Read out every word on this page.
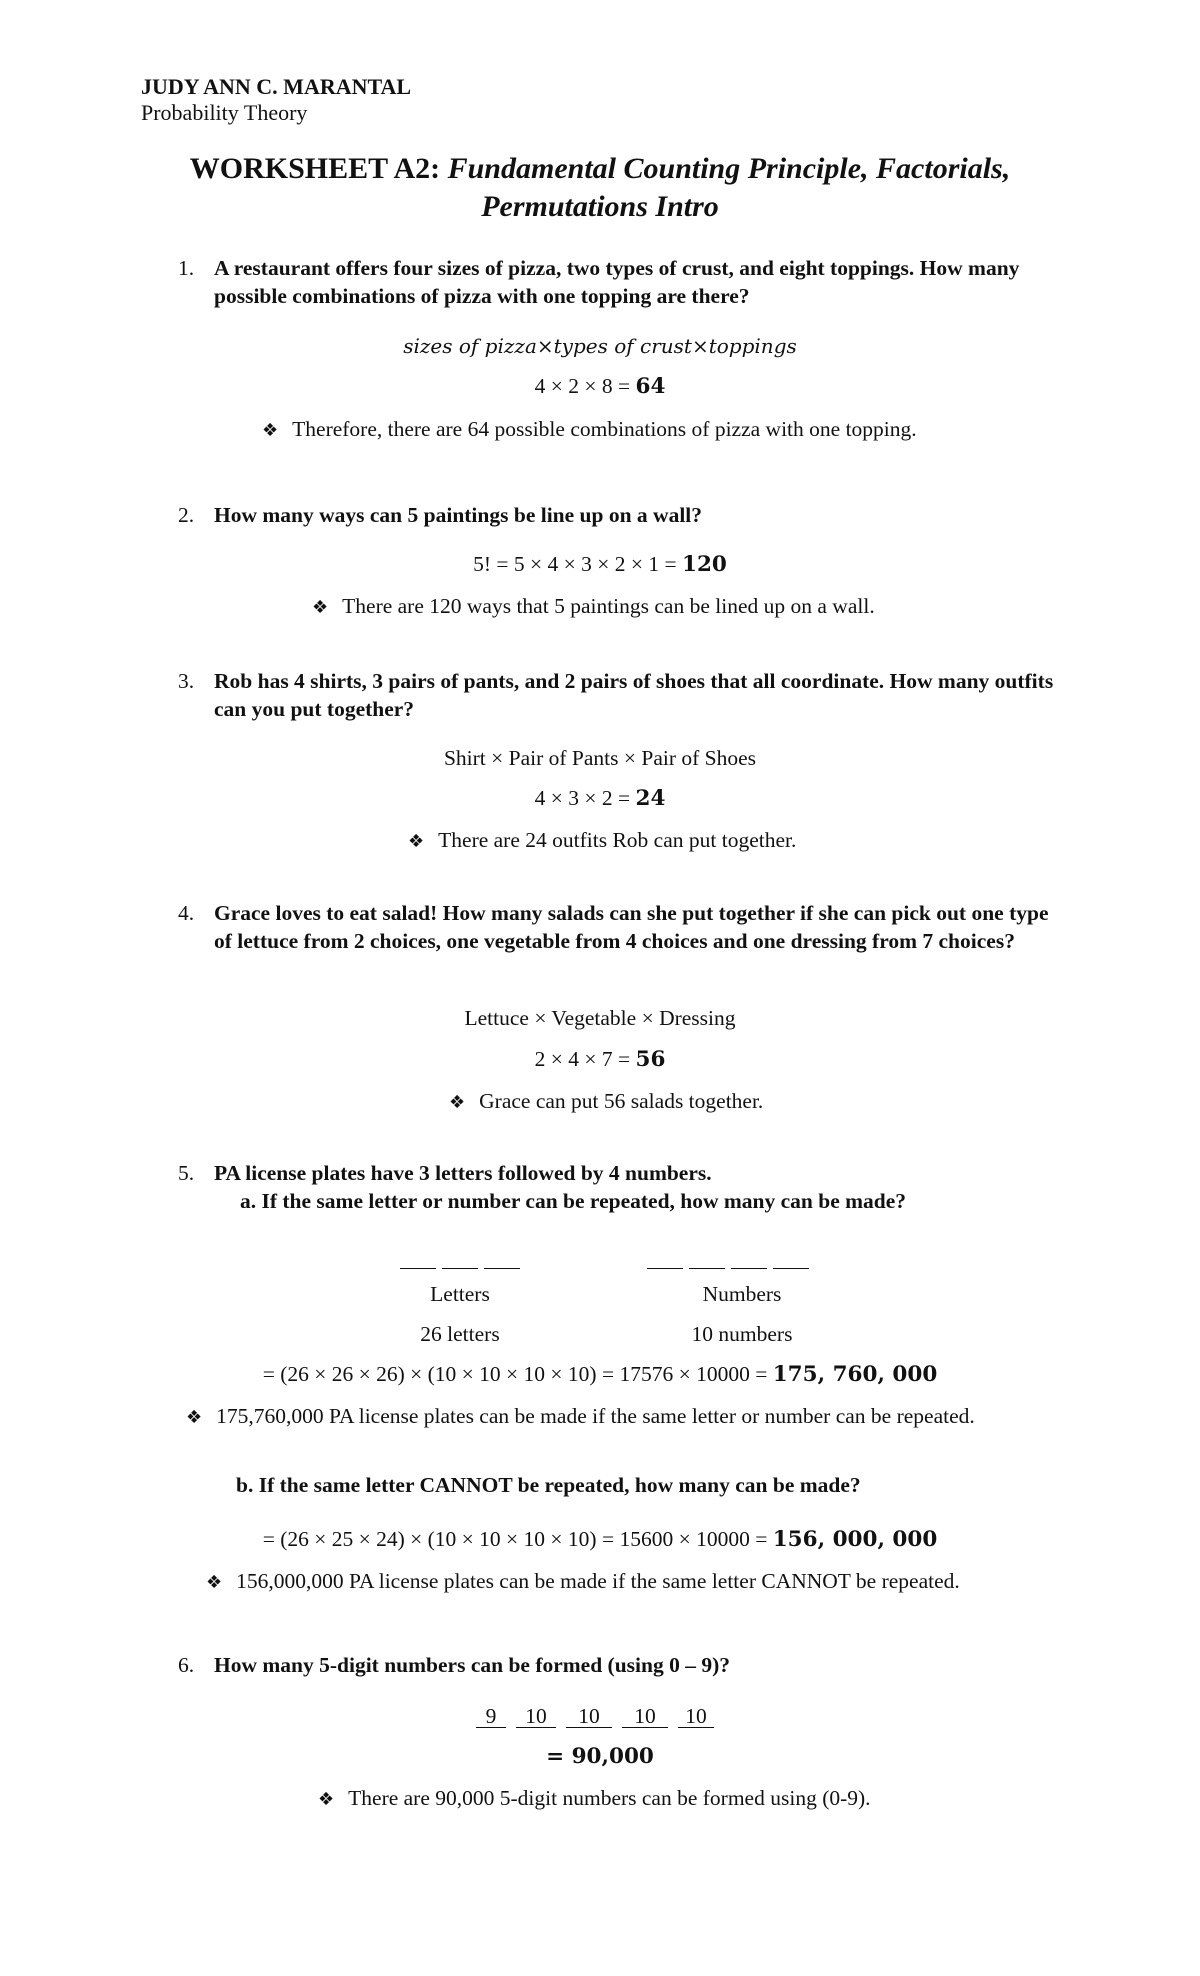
JUDY ANN C. MARANTAL
Probability Theory
WORKSHEET A2: Fundamental Counting Principle, Factorials,
Permutations Intro
1. A restaurant offers four sizes of pizza, two types of crust, and eight toppings. How many possible combinations of pizza with one topping are there?
sizes of pizza×types of crust×toppings
4 × 2 × 8 = 64
❖ Therefore, there are 64 possible combinations of pizza with one topping.
2. How many ways can 5 paintings be line up on a wall?
5! = 5 × 4 × 3 × 2 × 1 = 120
❖ There are 120 ways that 5 paintings can be lined up on a wall.
3. Rob has 4 shirts, 3 pairs of pants, and 2 pairs of shoes that all coordinate. How many outfits can you put together?
Shirt × Pair of Pants × Pair of Shoes
4 × 3 × 2 = 24
❖ There are 24 outfits Rob can put together.
4. Grace loves to eat salad! How many salads can she put together if she can pick out one type of lettuce from 2 choices, one vegetable from 4 choices and one dressing from 7 choices?
Lettuce × Vegetable × Dressing
2 × 4 × 7 = 56
❖ Grace can put 56 salads together.
5. PA license plates have 3 letters followed by 4 numbers.
a. If the same letter or number can be repeated, how many can be made?
Letters	Numbers
26 letters	10 numbers
= (26 × 26 × 26) × (10 × 10 × 10 × 10) = 17576 × 10000 = 175, 760, 000
❖ 175,760,000 PA license plates can be made if the same letter or number can be repeated.
b. If the same letter CANNOT be repeated, how many can be made?
= (26 × 25 × 24) × (10 × 10 × 10 × 10) = 15600 × 10000 = 156, 000, 000
❖ 156,000,000 PA license plates can be made if the same letter CANNOT be repeated.
6. How many 5-digit numbers can be formed (using 0 – 9)?
9 10 10 10 10
= 90,000
❖ There are 90,000 5-digit numbers can be formed using (0-9).
